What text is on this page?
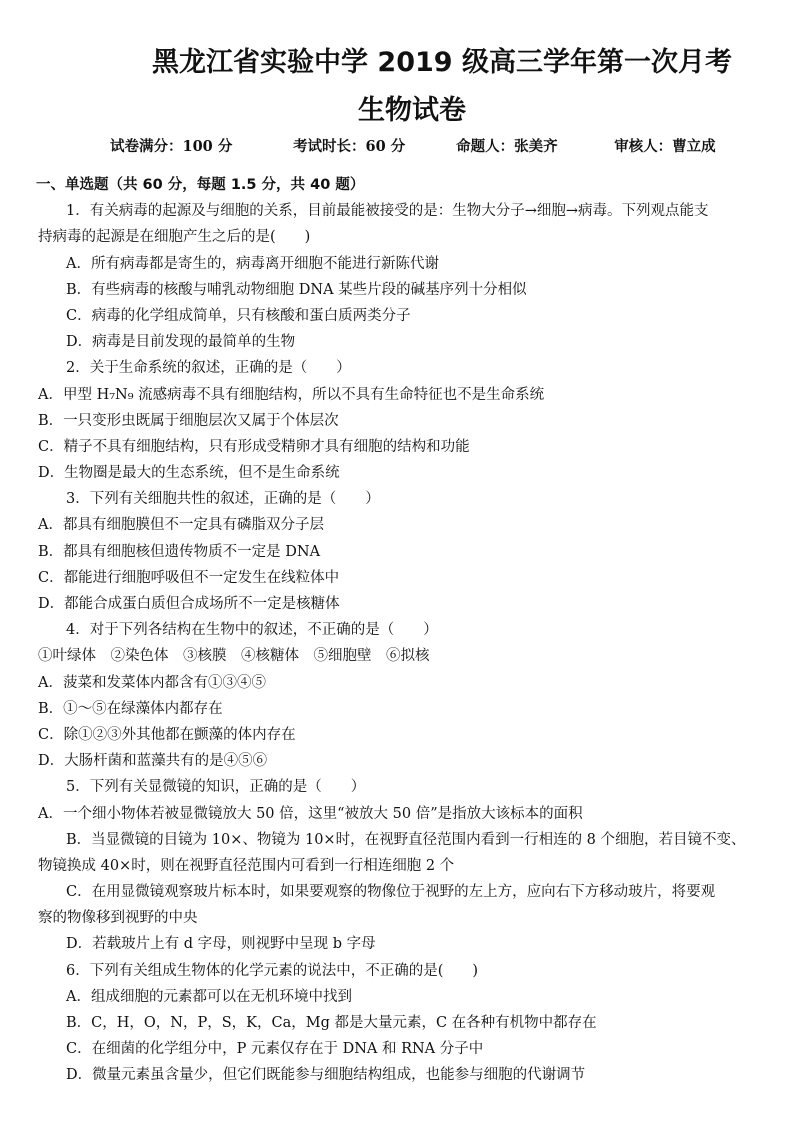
黑龙江省实验中学 2019 级高三学年第一次月考
生物试卷
试卷满分：100 分	考试时长：60 分	命题人：张美齐	审核人：曹立成
一、单选题（共 60 分，每题 1.5 分，共 40 题）
1．有关病毒的起源及与细胞的关系，目前最能被接受的是：生物大分子→细胞→病毒。下列观点能支
持病毒的起源是在细胞产生之后的是(　　)
A．所有病毒都是寄生的，病毒离开细胞不能进行新陈代谢
B．有些病毒的核酸与哺乳动物细胞 DNA 某些片段的碱基序列十分相似
C．病毒的化学组成简单，只有核酸和蛋白质两类分子
D．病毒是目前发现的最简单的生物
2．关于生命系统的叙述，正确的是（　　）
A．甲型 H₇N₉ 流感病毒不具有细胞结构，所以不具有生命特征也不是生命系统
B．一只变形虫既属于细胞层次又属于个体层次
C．精子不具有细胞结构，只有形成受精卵才具有细胞的结构和功能
D．生物圈是最大的生态系统，但不是生命系统
3．下列有关细胞共性的叙述，正确的是（　　）
A．都具有细胞膜但不一定具有磷脂双分子层
B．都具有细胞核但遗传物质不一定是 DNA
C．都能进行细胞呼吸但不一定发生在线粒体中
D．都能合成蛋白质但合成场所不一定是核糖体
4．对于下列各结构在生物中的叙述，不正确的是（　　）
①叶绿体　②染色体　③核膜　④核糖体　⑤细胞壁　⑥拟核
A．菠菜和发菜体内都含有①③④⑤
B．①～⑤在绿藻体内都存在
C．除①②③外其他都在颤藻的体内存在
D．大肠杆菌和蓝藻共有的是④⑤⑥
5．下列有关显微镜的知识，正确的是（　　）
A．一个细小物体若被显微镜放大 50 倍，这里“被放大 50 倍”是指放大该标本的面积
B．当显微镜的目镜为 10×、物镜为 10×时，在视野直径范围内看到一行相连的 8 个细胞，若目镜不变、
物镜换成 40×时，则在视野直径范围内可看到一行相连细胞 2 个
C．在用显微镜观察玻片标本时，如果要观察的物像位于视野的左上方，应向右下方移动玻片，将要观
察的物像移到视野的中央
D．若载玻片上有 d 字母，则视野中呈现 b 字母
6．下列有关组成生物体的化学元素的说法中，不正确的是(　　)
A．组成细胞的元素都可以在无机环境中找到
B．C，H，O，N，P，S，K，Ca，Mg 都是大量元素，C 在各种有机物中都存在
C．在细菌的化学组分中，P 元素仅存在于 DNA 和 RNA 分子中
D．微量元素虽含量少，但它们既能参与细胞结构组成，也能参与细胞的代谢调节
